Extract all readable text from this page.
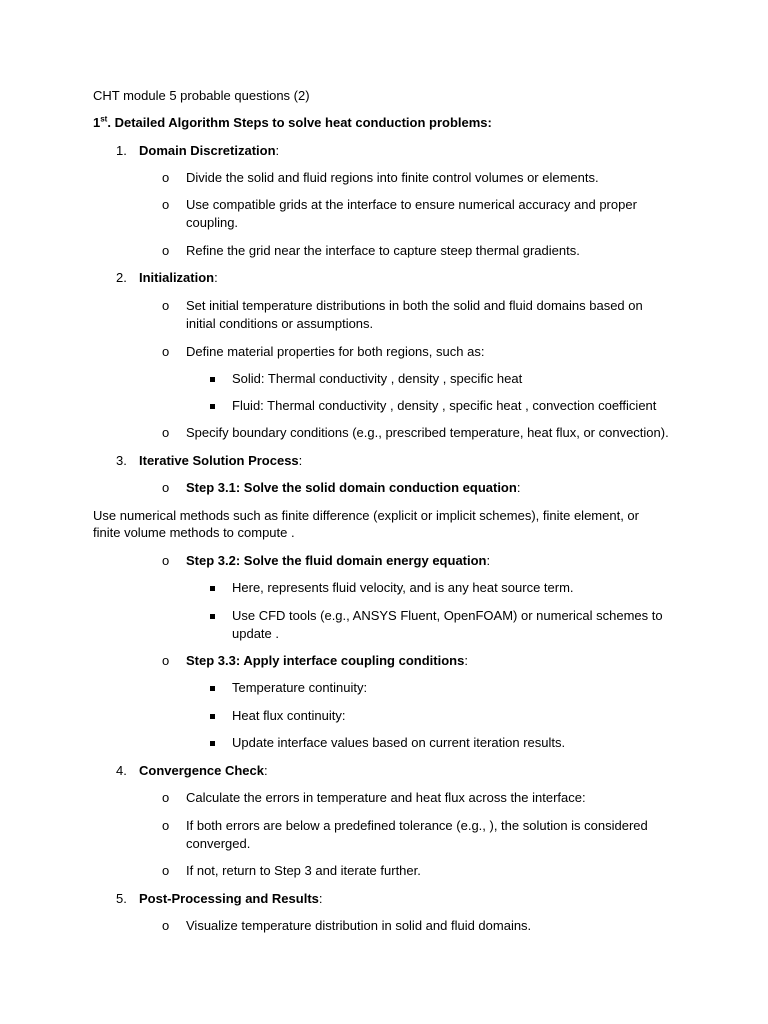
CHT module 5 probable questions (2)
1st. Detailed Algorithm Steps to solve heat conduction problems:
1. Domain Discretization:
o Divide the solid and fluid regions into finite control volumes or elements.
o Use compatible grids at the interface to ensure numerical accuracy and proper
coupling.
o Refine the grid near the interface to capture steep thermal gradients.
2. Initialization:
o Set initial temperature distributions in both the solid and fluid domains based on
initial conditions or assumptions.
o Define material properties for both regions, such as:
Solid: Thermal conductivity , density , specific heat
Fluid: Thermal conductivity , density , specific heat , convection coefficient
o Specify boundary conditions (e.g., prescribed temperature, heat flux, or convection).
3. Iterative Solution Process:
o Step 3.1: Solve the solid domain conduction equation:
Use numerical methods such as finite difference (explicit or implicit schemes), finite element, or
finite volume methods to compute .
o Step 3.2: Solve the fluid domain energy equation:
Here, represents fluid velocity, and is any heat source term.
Use CFD tools (e.g., ANSYS Fluent, OpenFOAM) or numerical schemes to
update .
o Step 3.3: Apply interface coupling conditions:
Temperature continuity:
Heat flux continuity:
Update interface values based on current iteration results.
4. Convergence Check:
o Calculate the errors in temperature and heat flux across the interface:
o If both errors are below a predefined tolerance (e.g., ), the solution is considered
converged.
o If not, return to Step 3 and iterate further.
5. Post-Processing and Results:
o Visualize temperature distribution in solid and fluid domains.
